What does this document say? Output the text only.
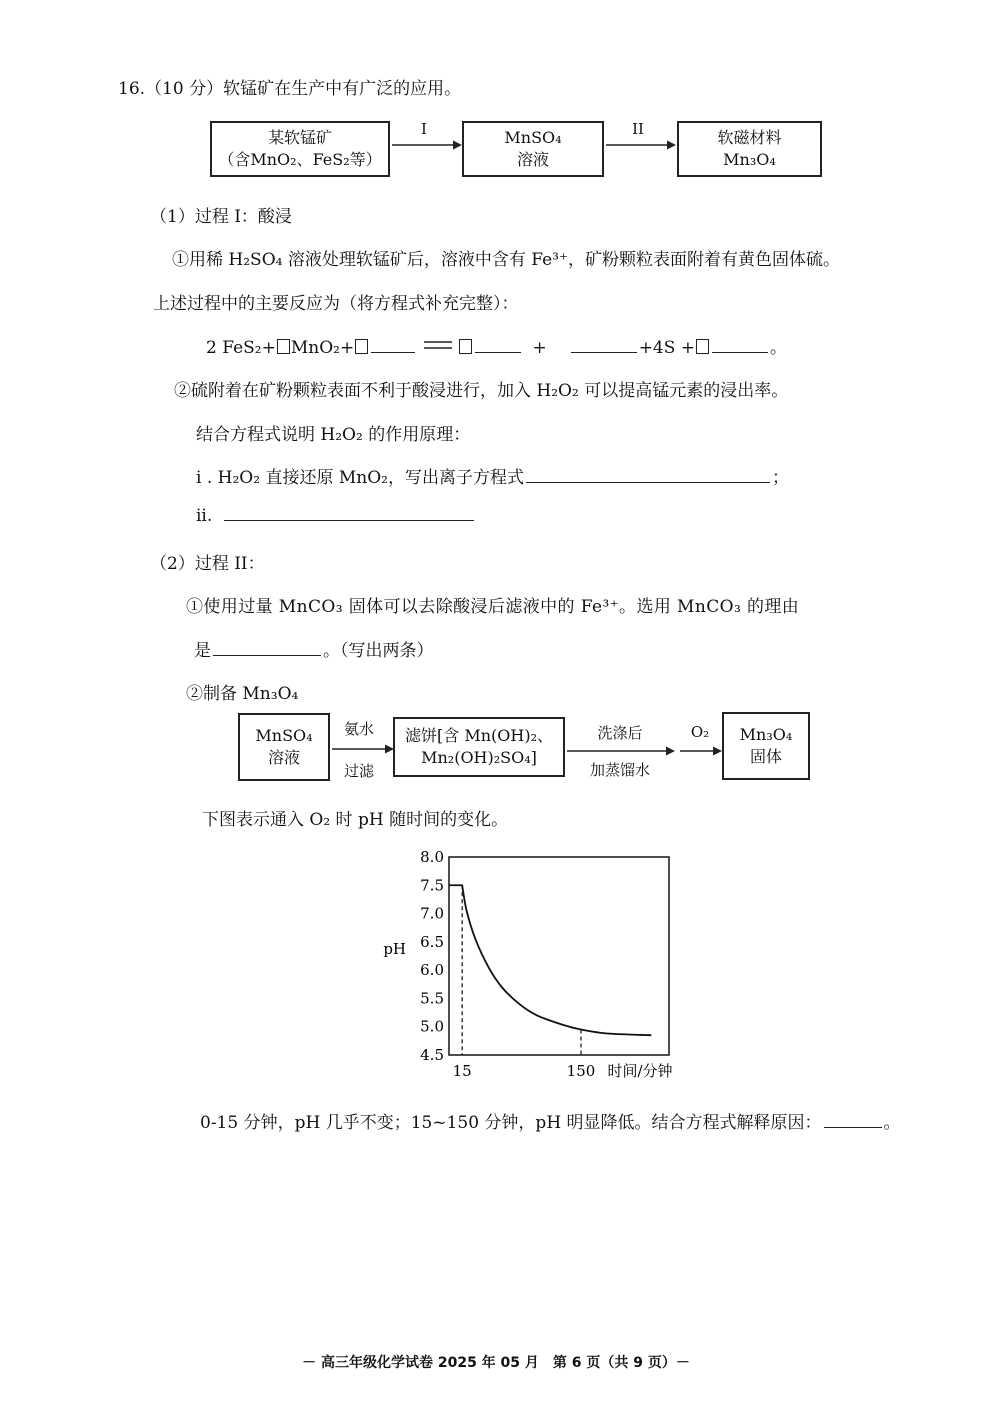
16.（10 分）软锰矿在生产中有广泛的应用。
某软锰矿
（含MnO₂、FeS₂等）
I	MnSO₄
溶液
II	软磁材料
Mn₃O₄
（1）过程 I：酸浸
①用稀 H₂SO₄ 溶液处理软锰矿后，溶液中含有 Fe³⁺，矿粉颗粒表面附着有黄色固体硫。
上述过程中的主要反应为（将方程式补充完整）：
2 FeS₂+ MnO₂+	+	+4S +	。
②硫附着在矿粉颗粒表面不利于酸浸进行，加入 H₂O₂ 可以提高锰元素的浸出率。
结合方程式说明 H₂O₂ 的作用原理：
i . H₂O₂ 直接还原 MnO₂，写出离子方程式	；
ii.
（2）过程 II：
①使用过量 MnCO₃ 固体可以去除酸浸后滤液中的 Fe³⁺。选用 MnCO₃ 的理由
是	。（写出两条）
②制备 Mn₃O₄
MnSO₄
溶液
氨水
过滤
滤饼[含 Mn(OH)₂、
Mn₂(OH)₂SO₄]
洗涤后
加蒸馏水
O₂	Mn₃O₄
固体
下图表示通入 O₂ 时 pH 随时间的变化。
8.0
7.5
7.0
6.5
6.0
5.5
5.0
4.5
15	150
pH
时间/分钟
0-15 分钟，pH 几乎不变；15~150 分钟，pH 明显降低。结合方程式解释原因：	。
－ 高三年级化学试卷 2025 年 05 月　第 6 页（共 9 页）－
